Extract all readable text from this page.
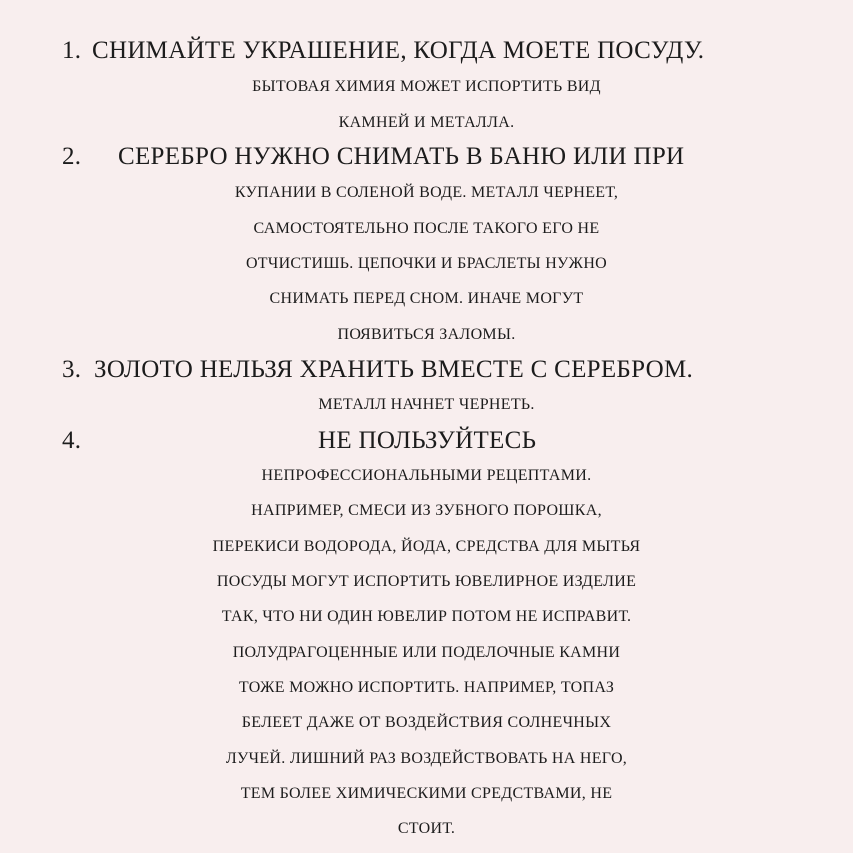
1. СНИМАЙТЕ УКРАШЕНИЕ, КОГДА МОЕТЕ ПОСУДУ.
БЫТОВАЯ ХИМИЯ МОЖЕТ ИСПОРТИТЬ ВИД
КАМНЕЙ И МЕТАЛЛА.
2. СЕРЕБРО НУЖНО СНИМАТЬ В БАНЮ ИЛИ ПРИ
КУПАНИИ В СОЛЕНОЙ ВОДЕ. МЕТАЛЛ ЧЕРНЕЕТ,
САМОСТОЯТЕЛЬНО ПОСЛЕ ТАКОГО ЕГО НЕ
ОТЧИСТИШЬ. ЦЕПОЧКИ И БРАСЛЕТЫ НУЖНО
СНИМАТЬ ПЕРЕД СНОМ. ИНАЧЕ МОГУТ
ПОЯВИТЬСЯ ЗАЛОМЫ.
3. ЗОЛОТО НЕЛЬЗЯ ХРАНИТЬ ВМЕСТЕ С СЕРЕБРОМ.
МЕТАЛЛ НАЧНЕТ ЧЕРНЕТЬ.
4.	НЕ ПОЛЬЗУЙТЕСЬ
НЕПРОФЕССИОНАЛЬНЫМИ РЕЦЕПТАМИ.
НАПРИМЕР, СМЕСИ ИЗ ЗУБНОГО ПОРОШКА,
ПЕРЕКИСИ ВОДОРОДА, ЙОДА, СРЕДСТВА ДЛЯ МЫТЬЯ
ПОСУДЫ МОГУТ ИСПОРТИТЬ ЮВЕЛИРНОЕ ИЗДЕЛИЕ
ТАК, ЧТО НИ ОДИН ЮВЕЛИР ПОТОМ НЕ ИСПРАВИТ.
ПОЛУДРАГОЦЕННЫЕ ИЛИ ПОДЕЛОЧНЫЕ КАМНИ
ТОЖЕ МОЖНО ИСПОРТИТЬ. НАПРИМЕР, ТОПАЗ
БЕЛЕЕТ ДАЖЕ ОТ ВОЗДЕЙСТВИЯ СОЛНЕЧНЫХ
ЛУЧЕЙ. ЛИШНИЙ РАЗ ВОЗДЕЙСТВОВАТЬ НА НЕГО,
ТЕМ БОЛЕЕ ХИМИЧЕСКИМИ СРЕДСТВАМИ, НЕ
СТОИТ.
